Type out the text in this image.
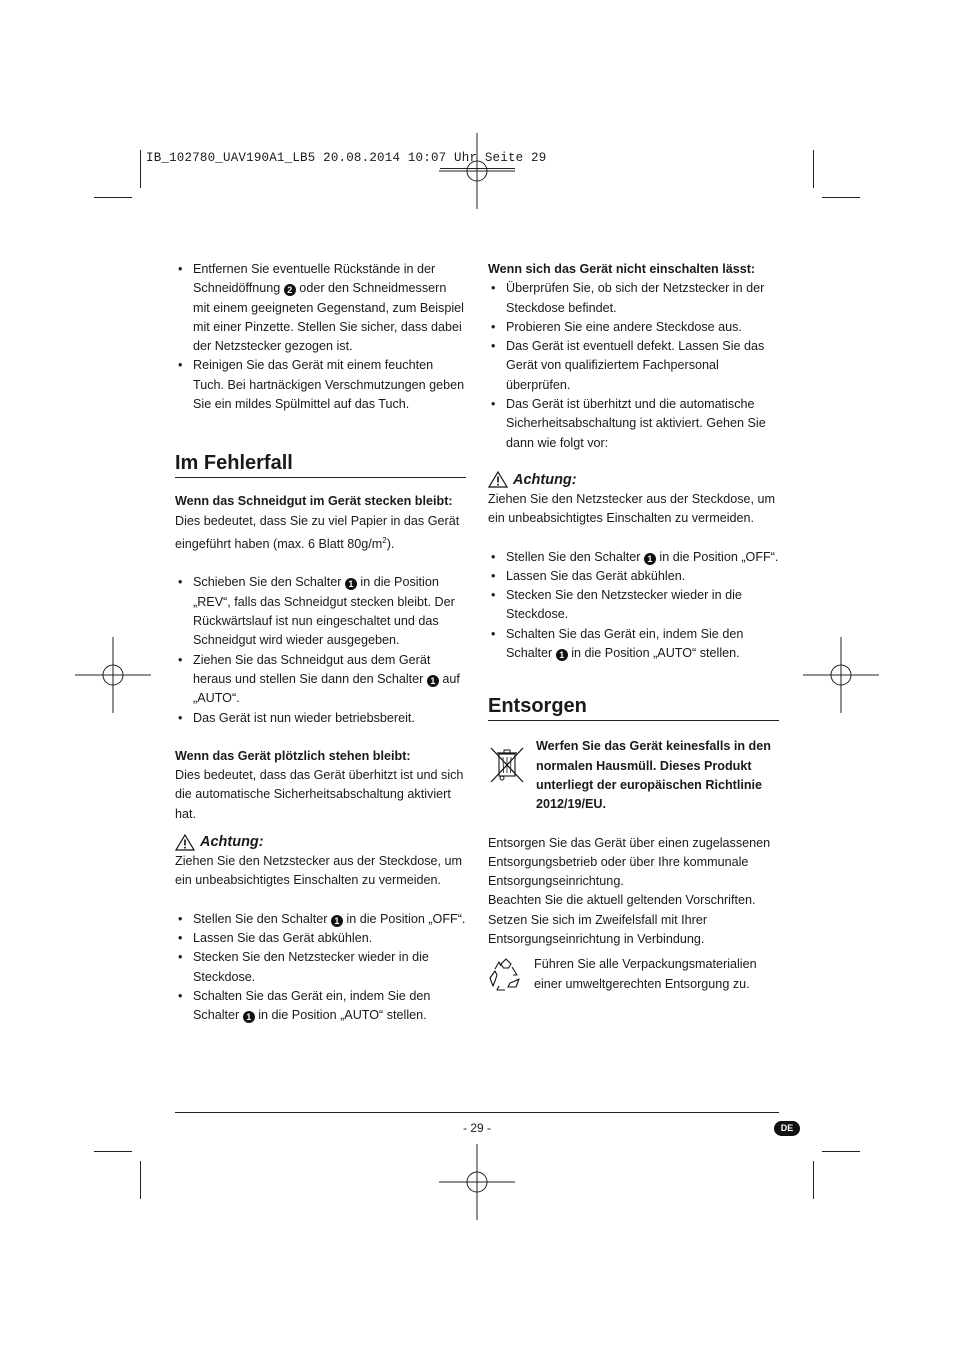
IB_102780_UAV190A1_LB5 20.08.2014 10:07 Uhr Seite 29
• Entfernen Sie eventuelle Rückstände in der Schneidöffnung 2 oder den Schneidmessern mit einem geeigneten Gegenstand, zum Beispiel mit einer Pinzette. Stellen Sie sicher, dass dabei der Netzstecker gezogen ist.
• Reinigen Sie das Gerät mit einem feuchten Tuch. Bei hartnäckigen Verschmutzungen geben Sie ein mildes Spülmittel auf das Tuch.
Im Fehlerfall

Wenn das Schneidgut im Gerät stecken bleibt:

Dies bedeutet, dass Sie zu viel Papier in das Gerät eingeführt haben (max. 6 Blatt $80g/m^2$).

• Schieben Sie den Schalter 1 in die Position „REV“, falls das Schneidgut stecken bleibt. Der Rückwärtslauf ist nun eingeschaltet und das Schneidgut wird wieder ausgegeben.
• Ziehen Sie das Schneidgut aus dem Gerät heraus und stellen Sie dann den Schalter 1 auf „AUTO“.
• Das Gerät ist nun wieder betriebsbereit.

Wenn das Gerät plötzlich stehen bleibt:

Dies bedeutet, dass das Gerät überhitzt ist und sich die automatische Sicherheitsabschaltung aktiviert hat.

Achtung:

Ziehen Sie den Netzstecker aus der Steckdose, um ein unbeabsichtigtes Einschalten zu vermeiden.

• Stellen Sie den Schalter 1 in die Position „OFF“.
• Lassen Sie das Gerät abkühlen.
• Stecken Sie den Netzstecker wieder in die Steckdose.
• Schalten Sie das Gerät ein, indem Sie den Schalter 1 in die Position „AUTO“ stellen.

Wenn sich das Gerät nicht einschalten lässt:

• Überprüfen Sie, ob sich der Netzstecker in der Steckdose befindet.
• Probieren Sie eine andere Steckdose aus.
• Das Gerät ist eventuell defekt. Lassen Sie das Gerät von qualifiziertem Fachpersonal überprüfen.
• Das Gerät ist überhitzt und die automatische Sicherheitsabschaltung ist aktiviert. Gehen Sie dann wie folgt vor:
Achtung:

Ziehen Sie den Netzstecker aus der Steckdose, um ein unbeabsichtigtes Einschalten zu vermeiden.

• Stellen Sie den Schalter 1 in die Position „OFF“.
• Lassen Sie das Gerät abkühlen.
• Stecken Sie den Netzstecker wieder in die Steckdose.
• Schalten Sie das Gerät ein, indem Sie den Schalter 1 in die Position „AUTO“ stellen.
Entsorgen

Werfen Sie das Gerät keinesfalls in den normalen Hausmüll. Dieses Produkt unterliegt der europäischen Richtlinie 2012/19/EU.

Entsorgen Sie das Gerät über einen zugelassenen Entsorgungsbetrieb oder über Ihre kommunale Entsorgungseinrichtung.

Beachten Sie die aktuell geltenden Vorschriften. Setzen Sie sich im Zweifelsfall mit Ihrer Entsorgungseinrichtung in Verbindung.

Führen Sie alle Verpackungsmaterialien einer umweltgerechten Entsorgung zu.

- 29 -	DE
